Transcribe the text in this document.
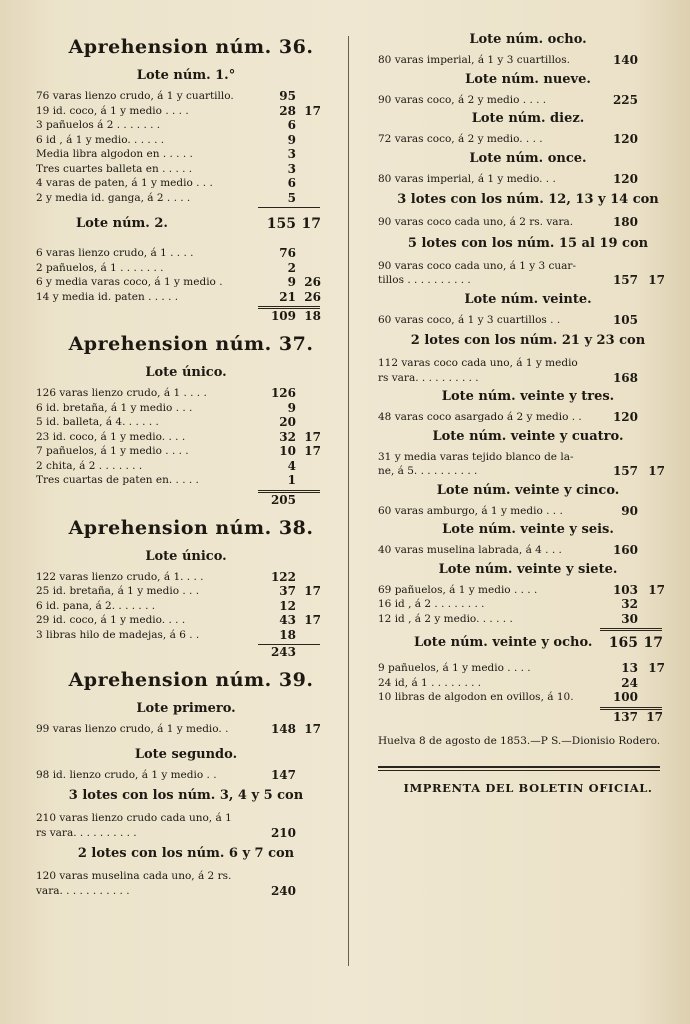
Aprehension núm. 36.
Lote núm. 1.°
76 varas lienzo crudo, á 1 y cuartillo.	95
19 id. coco, á 1 y medio . . . .	28 17
3 pañuelos á 2 . . . . . . .	6
6 id , á 1 y medio. . . . . .	9
Media libra algodon en . . . . .	3
Tres cuartes balleta en . . . . .	3
4 varas de paten, á 1 y medio . . .	6
2 y media id. ganga, á 2 . . . .	5
Lote núm. 2.	155 17
6 varas lienzo crudo, á 1 . . . .	76
2 pañuelos, á 1 . . . . . . .	2
6 y media varas coco, á 1 y medio .	9 26
14 y media id. paten . . . . .	21 26
109 18
Aprehension núm. 37.
Lote único.
126 varas lienzo crudo, á 1 . . . .	126
6 id. bretaña, á 1 y medio . . .	9
5 id. balleta, á 4. . . . . .	20
23 id. coco, á 1 y medio. . . .	32 17
7 pañuelos, á 1 y medio . . . .	10 17
2 chita, á 2 . . . . . . .	4
Tres cuartas de paten en. . . . .	1
205
Aprehension núm. 38.
Lote único.
122 varas lienzo crudo, á 1. . . .	122
25 id. bretaña, á 1 y medio . . .	37 17
6 id. pana, á 2. . . . . . .	12
29 id. coco, á 1 y medio. . . .	43 17
3 libras hilo de madejas, á 6 . .	18
243
Aprehension núm. 39.
Lote primero.
99 varas lienzo crudo, á 1 y medio. .	148 17
Lote segundo.
98 id. lienzo crudo, á 1 y medio . .	147
3 lotes con los núm. 3, 4 y 5 con
210 varas lienzo crudo cada uno, á 1
rs vara. . . . . . . . . .	210
2 lotes con los núm. 6 y 7 con
120 varas muselina cada uno, á 2 rs.
vara. . . . . . . . . . .	240
Lote núm. ocho.
80 varas imperial, á 1 y 3 cuartillos.	140
Lote núm. nueve.
90 varas coco, á 2 y medio . . . .	225
Lote núm. diez.
72 varas coco, á 2 y medio. . . .	120
Lote núm. once.
80 varas imperial, á 1 y medio. . .	120
3 lotes con los núm. 12, 13 y 14 con
90 varas coco cada uno, á 2 rs. vara.	180
5 lotes con los núm. 15 al 19 con
90 varas coco cada uno, á 1 y 3 cuar-
tillos . . . . . . . . . .	157 17
Lote núm. veinte.
60 varas coco, á 1 y 3 cuartillos . .	105
2 lotes con los núm. 21 y 23 con
112 varas coco cada uno, á 1 y medio
rs vara. . . . . . . . . .	168
Lote núm. veinte y tres.
48 varas coco asargado á 2 y medio . .	120
Lote núm. veinte y cuatro.
31 y media varas tejido blanco de la-
ne, á 5. . . . . . . . . .	157 17
Lote núm. veinte y cinco.
60 varas amburgo, á 1 y medio . . .	90
Lote núm. veinte y seis.
40 varas muselina labrada, á 4 . . .	160
Lote núm. veinte y siete.
69 pañuelos, á 1 y medio . . . .	103 17
16 id , á 2 . . . . . . . .	32
12 id , á 2 y medio. . . . . .	30
Lote núm. veinte y ocho.	165 17
9 pañuelos, á 1 y medio . . . .	13 17
24 id, á 1 . . . . . . . .	24
10 libras de algodon en ovillos, á 10.	100
137 17
Huelva 8 de agosto de 1853.—P S.—Dionisio Rodero.
IMPRENTA DEL BOLETIN OFICIAL.
